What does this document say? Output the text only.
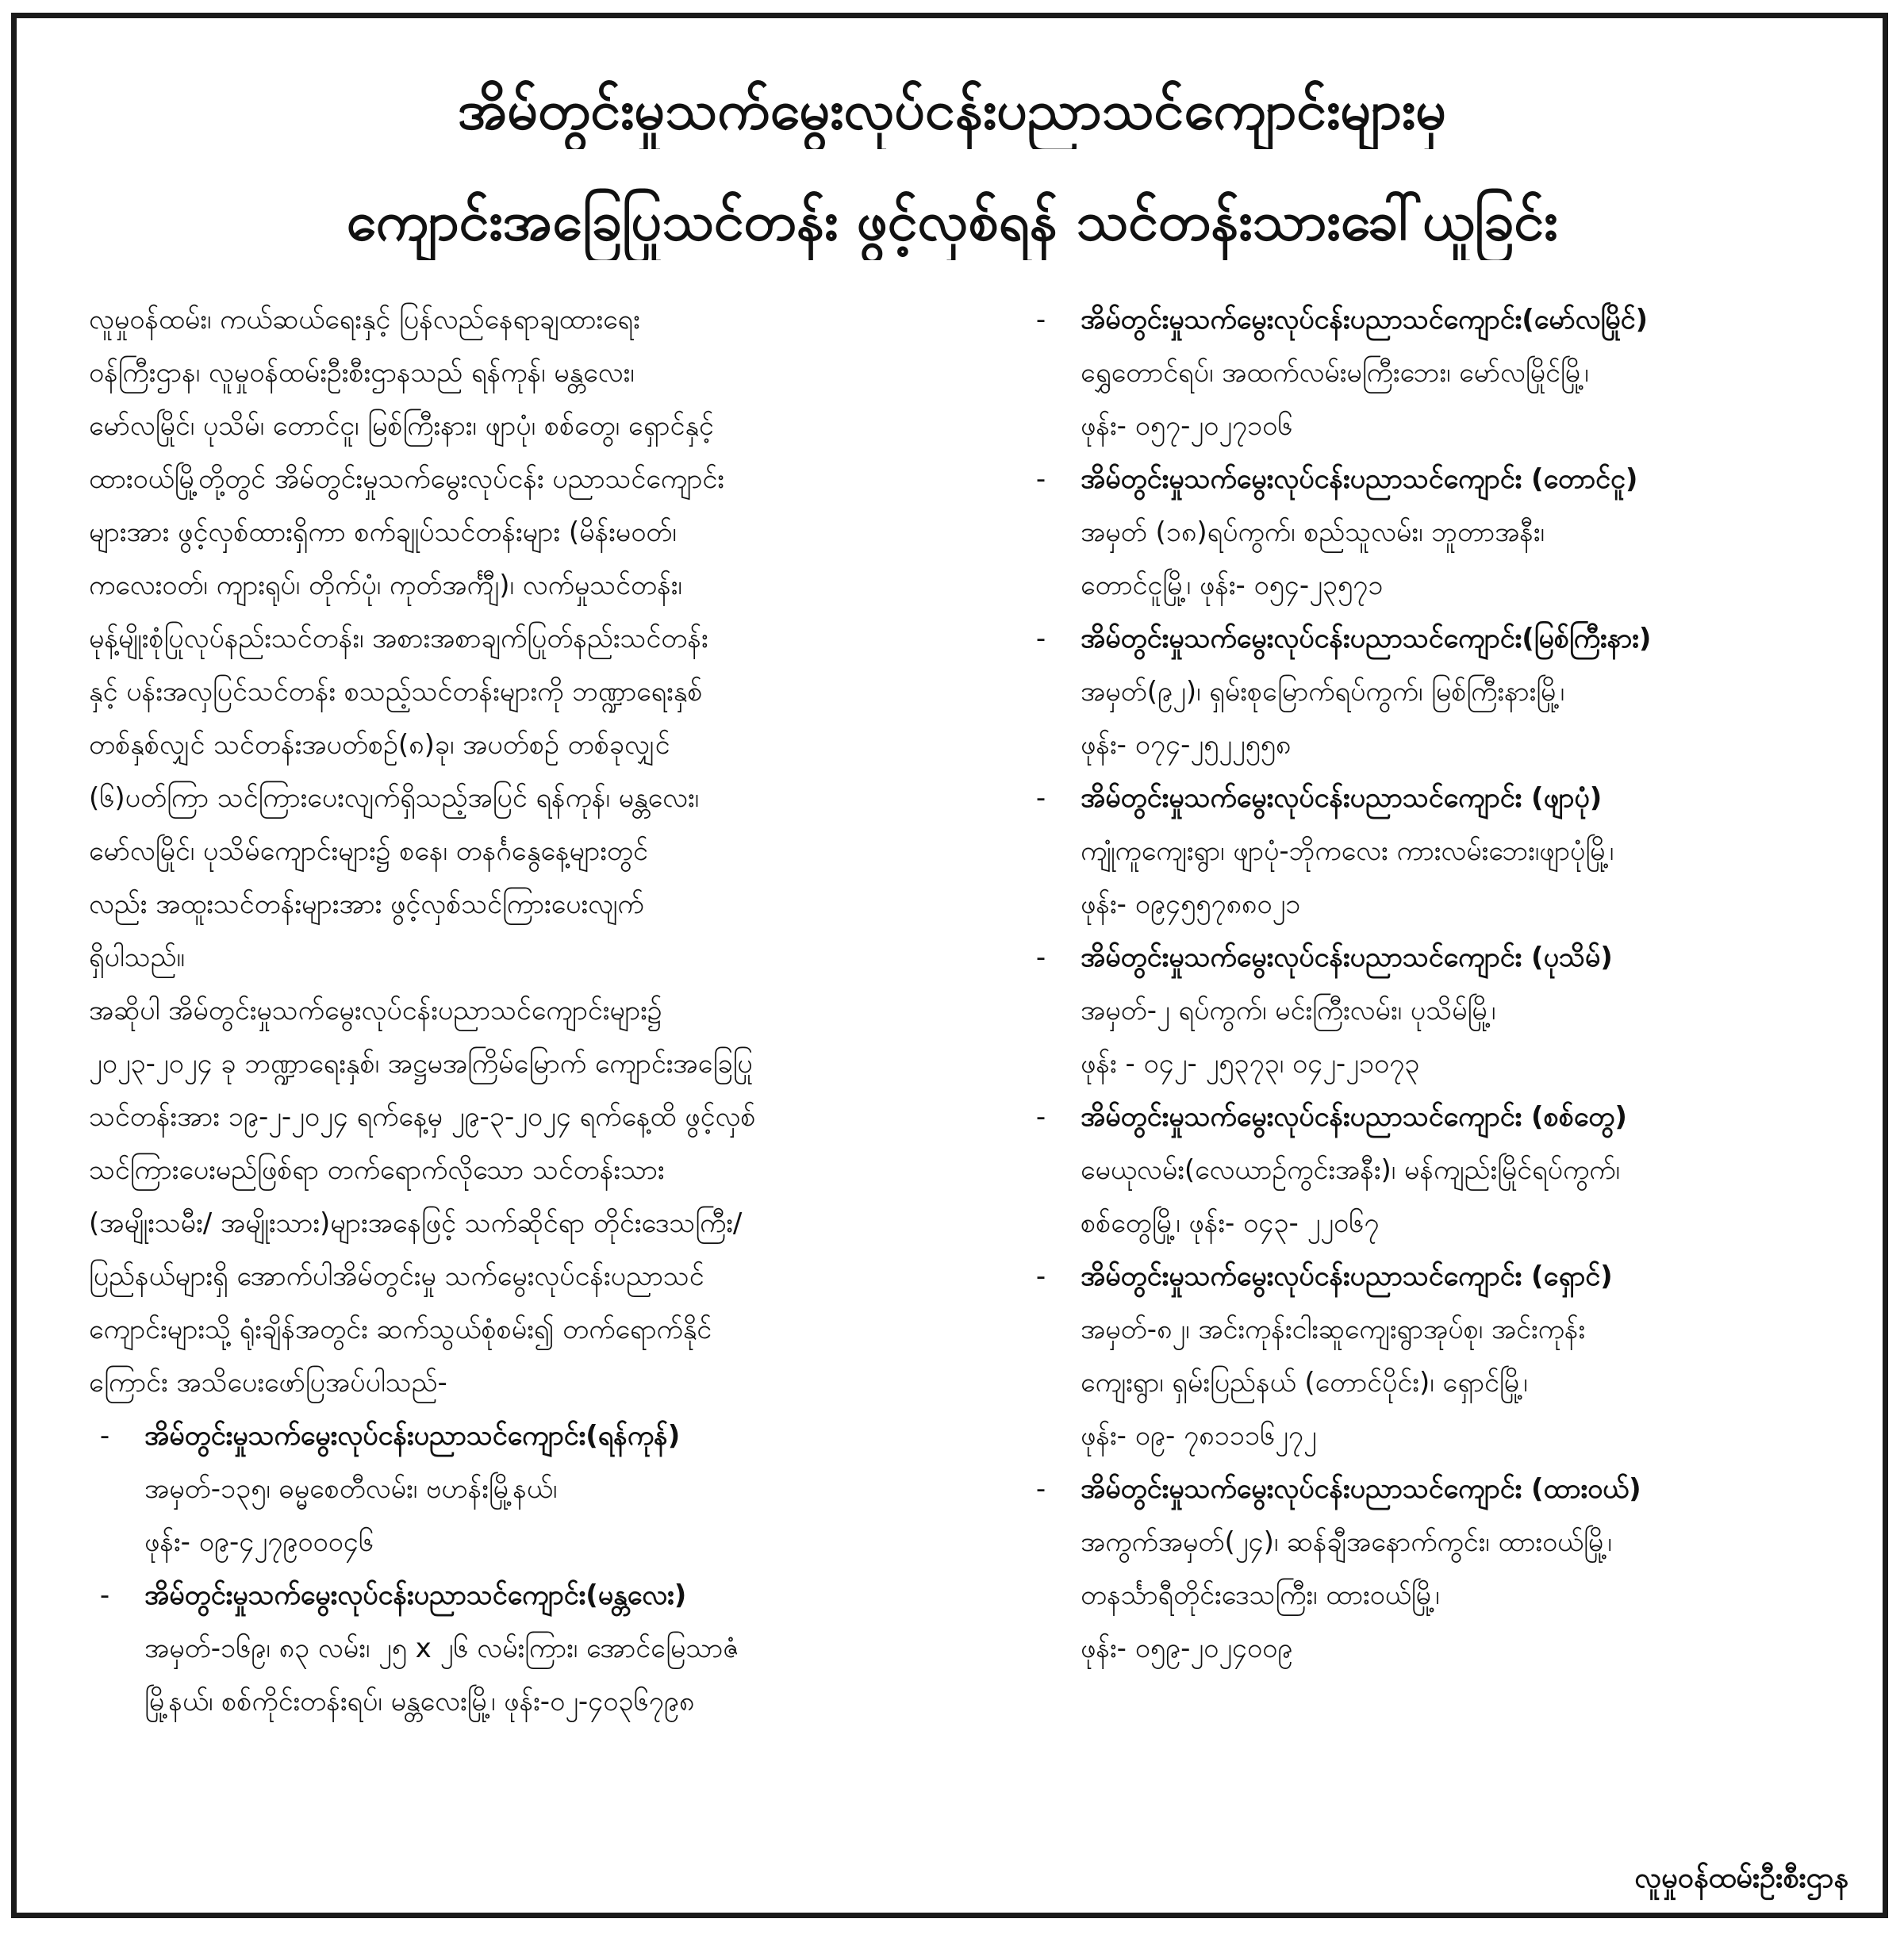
အိမ်တွင်းမှုသက်မွေးလုပ်ငန်းပညာသင်ကျောင်းများမှ
ကျောင်းအခြေပြုသင်တန်း ဖွင့်လှစ်ရန် သင်တန်းသားခေါ်ယူခြင်း
လူမှုဝန်ထမ်း၊ ကယ်ဆယ်ရေးနှင့် ပြန်လည်နေရာချထားရေး
ဝန်ကြီးဌာန၊ လူမှုဝန်ထမ်းဦးစီးဌာနသည် ရန်ကုန်၊ မန္တလေး၊
မော်လမြိုင်၊ ပုသိမ်၊ တောင်ငူ၊ မြစ်ကြီးနား၊ ဖျာပုံ၊ စစ်တွေ၊ ရှောင်နှင့်
ထားဝယ်မြို့တို့တွင် အိမ်တွင်းမှုသက်မွေးလုပ်ငန်း ပညာသင်ကျောင်း
များအား ဖွင့်လှစ်ထားရှိကာ စက်ချုပ်သင်တန်းများ (မိန်းမဝတ်၊
ကလေးဝတ်၊ ကျားရုပ်၊ တိုက်ပုံ၊ ကုတ်အင်္ကျီ)၊ လက်မှုသင်တန်း၊
မုန့်မျိုးစုံပြုလုပ်နည်းသင်တန်း၊ အစားအစာချက်ပြုတ်နည်းသင်တန်း
နှင့် ပန်းအလှပြင်သင်တန်း စသည့်သင်တန်းများကို ဘဏ္ဍာရေးနှစ်
တစ်နှစ်လျှင် သင်တန်းအပတ်စဉ်(၈)ခု၊ အပတ်စဉ် တစ်ခုလျှင်
(၆)ပတ်ကြာ သင်ကြားပေးလျက်ရှိသည့်အပြင် ရန်ကုန်၊ မန္တလေး၊
မော်လမြိုင်၊ ပုသိမ်ကျောင်းများ၌ စနေ၊ တနင်္ဂနွေနေ့များတွင်
လည်း အထူးသင်တန်းများအား ဖွင့်လှစ်သင်ကြားပေးလျက်
ရှိပါသည်။
အဆိုပါ အိမ်တွင်းမှုသက်မွေးလုပ်ငန်းပညာသင်ကျောင်းများ၌
၂၀၂၃-၂၀၂၄ ခု ဘဏ္ဍာရေးနှစ်၊ အဋ္ဌမအကြိမ်မြောက် ကျောင်းအခြေပြု
သင်တန်းအား ၁၉-၂-၂၀၂၄ ရက်နေ့မှ ၂၉-၃-၂၀၂၄ ရက်နေ့ထိ ဖွင့်လှစ်
သင်ကြားပေးမည်ဖြစ်ရာ တက်ရောက်လိုသော သင်တန်းသား
(အမျိုးသမီး/ အမျိုးသား)များအနေဖြင့် သက်ဆိုင်ရာ တိုင်းဒေသကြီး/
ပြည်နယ်များရှိ အောက်ပါအိမ်တွင်းမှု သက်မွေးလုပ်ငန်းပညာသင်
ကျောင်းများသို့ ရုံးချိန်အတွင်း ဆက်သွယ်စုံစမ်း၍ တက်ရောက်နိုင်
ကြောင်း အသိပေးဖော်ပြအပ်ပါသည်-
-	အိမ်တွင်းမှုသက်မွေးလုပ်ငန်းပညာသင်ကျောင်း(ရန်ကုန်)
အမှတ်-၁၃၅၊ ဓမ္မစေတီလမ်း၊ ဗဟန်းမြို့နယ်၊
ဖုန်း- ၀၉-၄၂၇၉၀၀၀၄၆
-	အိမ်တွင်းမှုသက်မွေးလုပ်ငန်းပညာသင်ကျောင်း(မန္တလေး)
အမှတ်-၁၆၉၊ ၈၃ လမ်း၊ ၂၅ x ၂၆ လမ်းကြား၊ အောင်မြေသာဇံ
မြို့နယ်၊ စစ်ကိုင်းတန်းရပ်၊ မန္တလေးမြို့၊ ဖုန်း-၀၂-၄၀၃၆၇၉၈
-	အိမ်တွင်းမှုသက်မွေးလုပ်ငန်းပညာသင်ကျောင်း(မော်လမြိုင်)
ရွှေတောင်ရပ်၊ အထက်လမ်းမကြီးဘေး၊ မော်လမြိုင်မြို့၊
ဖုန်း- ၀၅၇-၂၀၂၇၁၀၆
-	အိမ်တွင်းမှုသက်မွေးလုပ်ငန်းပညာသင်ကျောင်း (တောင်ငူ)
အမှတ် (၁၈)ရပ်ကွက်၊ စည်သူလမ်း၊ ဘူတာအနီး၊
တောင်ငူမြို့၊ ဖုန်း- ၀၅၄-၂၃၅၇၁
-	အိမ်တွင်းမှုသက်မွေးလုပ်ငန်းပညာသင်ကျောင်း(မြစ်ကြီးနား)
အမှတ်(၉၂)၊ ရှမ်းစုမြောက်ရပ်ကွက်၊ မြစ်ကြီးနားမြို့၊
ဖုန်း- ၀၇၄-၂၅၂၂၅၅၈
-	အိမ်တွင်းမှုသက်မွေးလုပ်ငန်းပညာသင်ကျောင်း (ဖျာပုံ)
ကျုံကူကျေးရွာ၊ ဖျာပုံ-ဘိုကလေး ကားလမ်းဘေး၊ဖျာပုံမြို့၊
ဖုန်း- ၀၉၄၅၅၇၈၈၀၂၁
-	အိမ်တွင်းမှုသက်မွေးလုပ်ငန်းပညာသင်ကျောင်း (ပုသိမ်)
အမှတ်-၂ ရပ်ကွက်၊ မင်းကြီးလမ်း၊ ပုသိမ်မြို့၊
ဖုန်း - ၀၄၂- ၂၅၃၇၃၊ ၀၄၂-၂၁၀၇၃
-	အိမ်တွင်းမှုသက်မွေးလုပ်ငန်းပညာသင်ကျောင်း (စစ်တွေ)
မေယုလမ်း(လေယာဉ်ကွင်းအနီး)၊ မန်ကျည်းမြိုင်ရပ်ကွက်၊
စစ်တွေမြို့၊ ဖုန်း- ၀၄၃- ၂၂၀၆၇
-	အိမ်တွင်းမှုသက်မွေးလုပ်ငန်းပညာသင်ကျောင်း (ရှောင်)
အမှတ်-၈၂၊ အင်းကုန်းငါးဆူကျေးရွာအုပ်စု၊ အင်းကုန်း
ကျေးရွာ၊ ရှမ်းပြည်နယ် (တောင်ပိုင်း)၊ ရှောင်မြို့၊
ဖုန်း- ၀၉- ၇၈၁၁၁၆၂၇၂
-	အိမ်တွင်းမှုသက်မွေးလုပ်ငန်းပညာသင်ကျောင်း (ထားဝယ်)
အကွက်အမှတ်(၂၄)၊ ဆန်ချီအနောက်ကွင်း၊ ထားဝယ်မြို့၊
တနင်္သာရီတိုင်းဒေသကြီး၊ ထားဝယ်မြို့၊
ဖုန်း- ၀၅၉-၂၀၂၄၀၀၉
လူမှုဝန်ထမ်းဦးစီးဌာန
